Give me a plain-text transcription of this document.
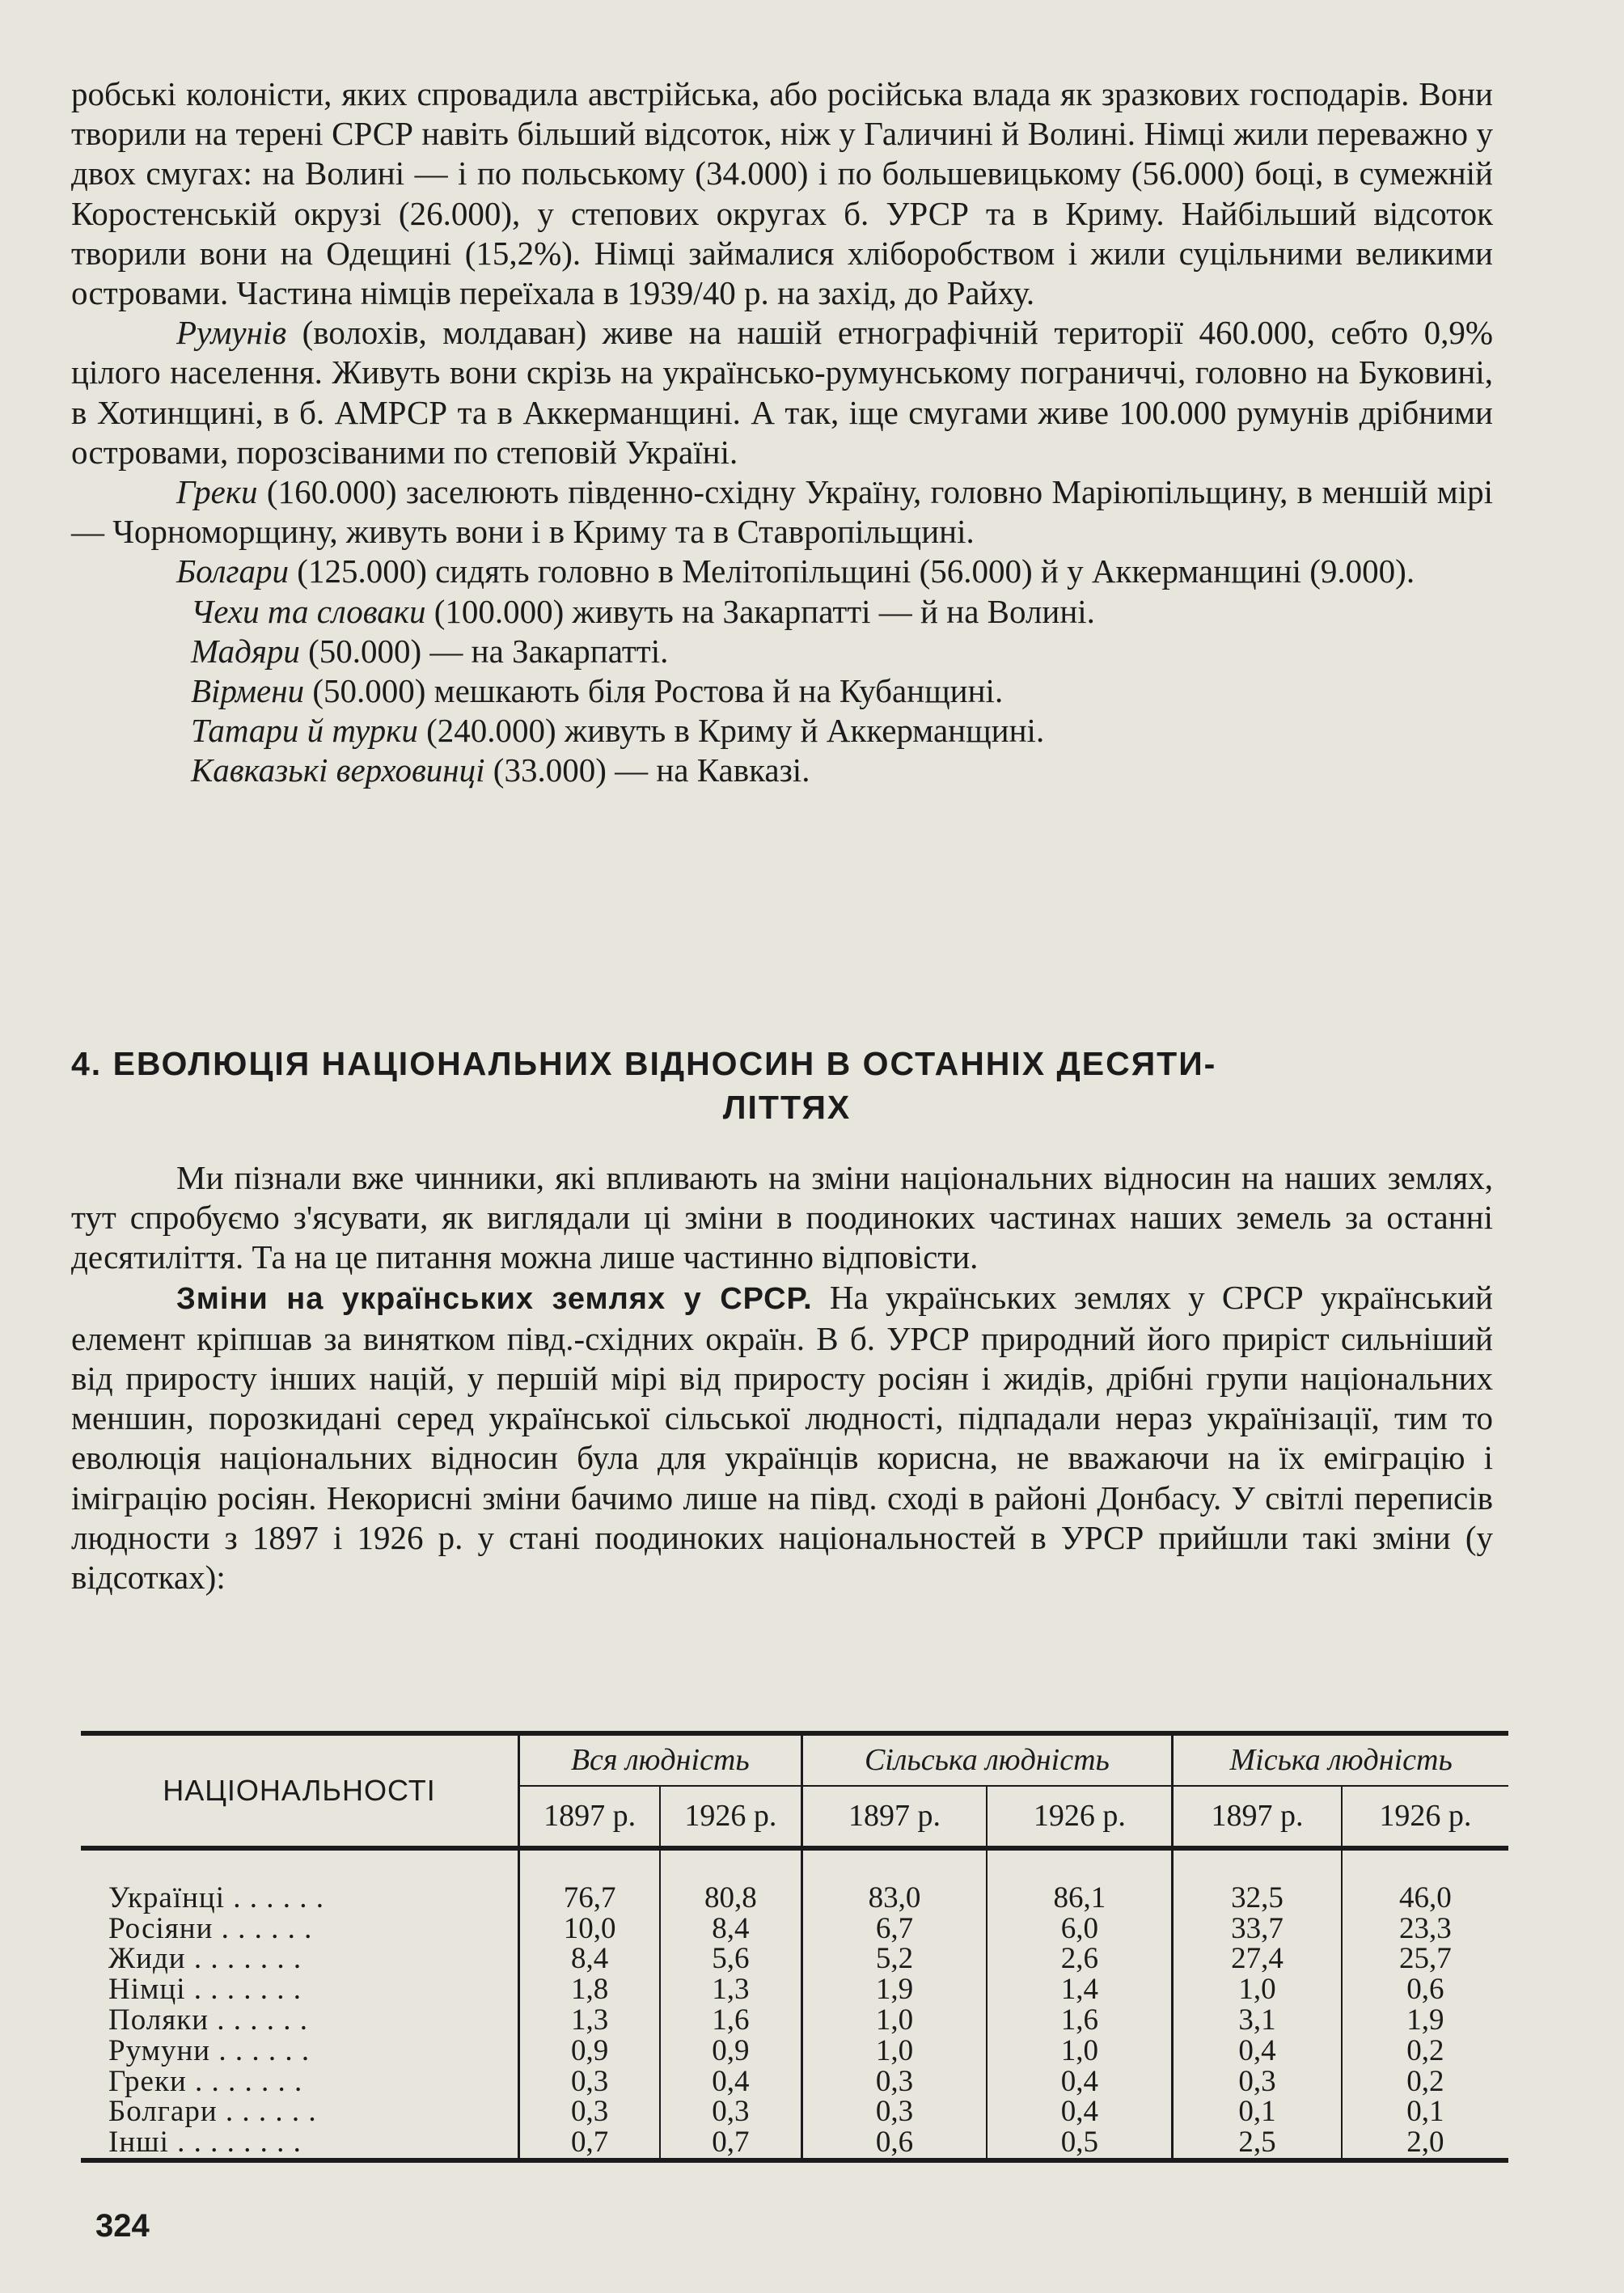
робські колоністи, яких спровадила австрійська, або російська влада як зразкових господарів. Вони творили на терені СРСР навіть більший відсоток, ніж у Галичині й Волині. Німці жили переважно у двох смугах: на Волині — і по польському (34.000) і по большевицькому (56.000) боці, в сумежній Коростенській окрузі (26.000), у степових округах б. УРСР та в Криму. Найбільший відсоток творили вони на Одещині (15,2%). Німці займалися хліборобством і жили суцільними великими островами. Частина німців переїхала в 1939/40 р. на захід, до Райху.

Румунів (волохів, молдаван) живе на нашій етнографічній території 460.000, себто 0,9% цілого населення. Живуть вони скрізь на українсько-румунському пограниччі, головно на Буковині, в Хотинщині, в б. АМРСР та в Аккерманщині. А так, іще смугами живе 100.000 румунів дрібними островами, порозсіваними по степовій Україні.

Греки (160.000) заселюють південно-східну Україну, головно Маріюпільщину, в меншій мірі — Чорноморщину, живуть вони і в Криму та в Ставропільщині.

Болгари (125.000) сидять головно в Мелітопільщині (56.000) й у Аккерманщині (9.000).

Чехи та словаки (100.000) живуть на Закарпатті — й на Волині.

Мадяри (50.000) — на Закарпатті.

Вірмени (50.000) мешкають біля Ростова й на Кубанщині.

Татари й турки (240.000) живуть в Криму й Аккерманщині.

Кавказькі верховинці (33.000) — на Кавказі.

4. ЕВОЛЮЦІЯ НАЦІОНАЛЬНИХ ВІДНОСИН В ОСТАННІХ ДЕСЯТИ-
ЛІТТЯХ

Ми пізнали вже чинники, які впливають на зміни національних відносин на наших землях, тут спробуємо з'ясувати, як виглядали ці зміни в поодиноких частинах наших земель за останні десятиліття. Та на це питання можна лише частинно відповісти.

Зміни на українських землях у СРСР. На українських землях у СРСР український елемент кріпшав за винятком півд.-східних окраїн. В б. УРСР природний його приріст сильніший від приросту інших націй, у першій мірі від приросту росіян і жидів, дрібні групи національних меншин, порозкидані серед української сільської людності, підпадали нераз українізації, тим то еволюція національних відносин була для українців корисна, не вважаючи на їх еміграцію і іміграцію росіян. Некорисні зміни бачимо лише на півд. сході в районі Донбасу. У світлі переписів людности з 1897 і 1926 р. у стані поодиноких національностей в УРСР прийшли такі зміни (у відсотках):

НАЦІОНАЛЬНОСТІ	Вся людність		Сільська людність		Міська людність	
	1897 р.	1926 р.	1897 р.	1926 р.	1897 р.	1926 р.

Українці . . . . . .	76,7	80,8	83,0	86,1	32,5	46,0
Росіяни . . . . . .	10,0	8,4	6,7	6,0	33,7	23,3
Жиди . . . . . . .	8,4	5,6	5,2	2,6	27,4	25,7
Німці . . . . . . .	1,8	1,3	1,9	1,4	1,0	0,6
Поляки . . . . . .	1,3	1,6	1,0	1,6	3,1	1,9
Румуни . . . . . .	0,9	0,9	1,0	1,0	0,4	0,2
Греки . . . . . . .	0,3	0,4	0,3	0,4	0,3	0,2
Болгари . . . . . .	0,3	0,3	0,3	0,4	0,1	0,1
Інші . . . . . . . .	0,7	0,7	0,6	0,5	2,5	2,0
324
